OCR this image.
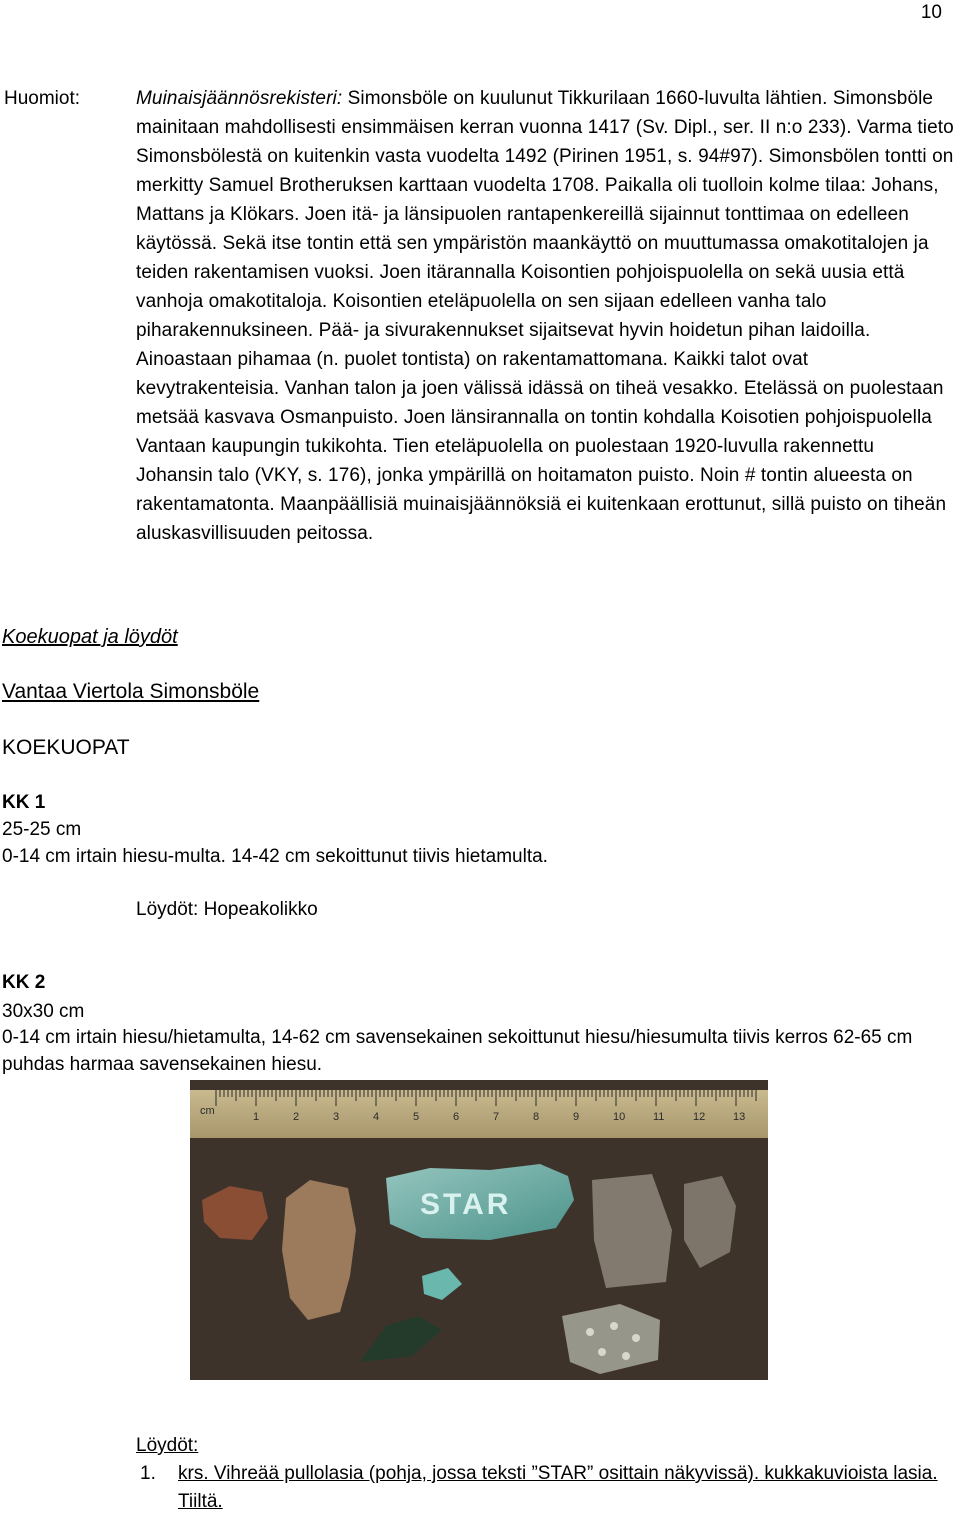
10
Huomiot:	Muinaisjäännösrekisteri: Simonsböle on kuulunut Tikkurilaan 1660-luvulta lähtien. Simonsböle mainitaan mahdollisesti ensimmäisen kerran vuonna 1417 (Sv. Dipl., ser. II n:o 233). Varma tieto Simonsbölestä on kuitenkin vasta vuodelta 1492 (Pirinen 1951, s. 94#97). Simonsbölen tontti on merkitty Samuel Brotheruksen karttaan vuodelta 1708. Paikalla oli tuolloin kolme tilaa: Johans, Mattans ja Klökars. Joen itä- ja länsipuolen rantapenkereillä sijainnut tonttimaa on edelleen käytössä. Sekä itse tontin että sen ympäristön maankäyttö on muuttumassa omakotitalojen ja teiden rakentamisen vuoksi. Joen itärannalla Koisontien pohjoispuolella on sekä uusia että vanhoja omakotitaloja. Koisontien eteläpuolella on sen sijaan edelleen vanha talo piharakennuksineen. Pää- ja sivurakennukset sijaitsevat hyvin hoidetun pihan laidoilla. Ainoastaan pihamaa (n. puolet tontista) on rakentamattomana. Kaikki talot ovat kevytrakenteisia. Vanhan talon ja joen välissä idässä on tiheä vesakko. Etelässä on puolestaan metsää kasvava Osmanpuisto. Joen länsirannalla on tontin kohdalla Koisotien pohjoispuolella Vantaan kaupungin tukikohta. Tien eteläpuolella on puolestaan 1920-luvulla rakennettu Johansin talo (VKY, s. 176), jonka ympärillä on hoitamaton puisto. Noin # tontin alueesta on rakentamatonta. Maanpäällisiä muinaisjäännöksiä ei kuitenkaan erottunut, sillä puisto on tiheän aluskasvillisuuden peitossa.
Koekuopat ja löydöt
Vantaa Viertola Simonsböle
KOEKUOPAT
KK 1
25-25 cm
0-14 cm irtain hiesu-multa. 14-42 cm sekoittunut tiivis hietamulta.
Löydöt: Hopeakolikko
KK 2
30x30 cm
0-14 cm irtain hiesu/hietamulta, 14-62 cm savensekainen sekoittunut hiesu/hiesumulta tiivis kerros 62-65 cm puhdas harmaa savensekainen hiesu.
cm	1	2	3	4	5	6	7	8	9	10	11	12	13
STAR
Löydöt:
1. krs. Vihreää pullolasia (pohja, jossa teksti ”STAR” osittain näkyvissä). kukkakuvioista lasia. Tiiltä.
